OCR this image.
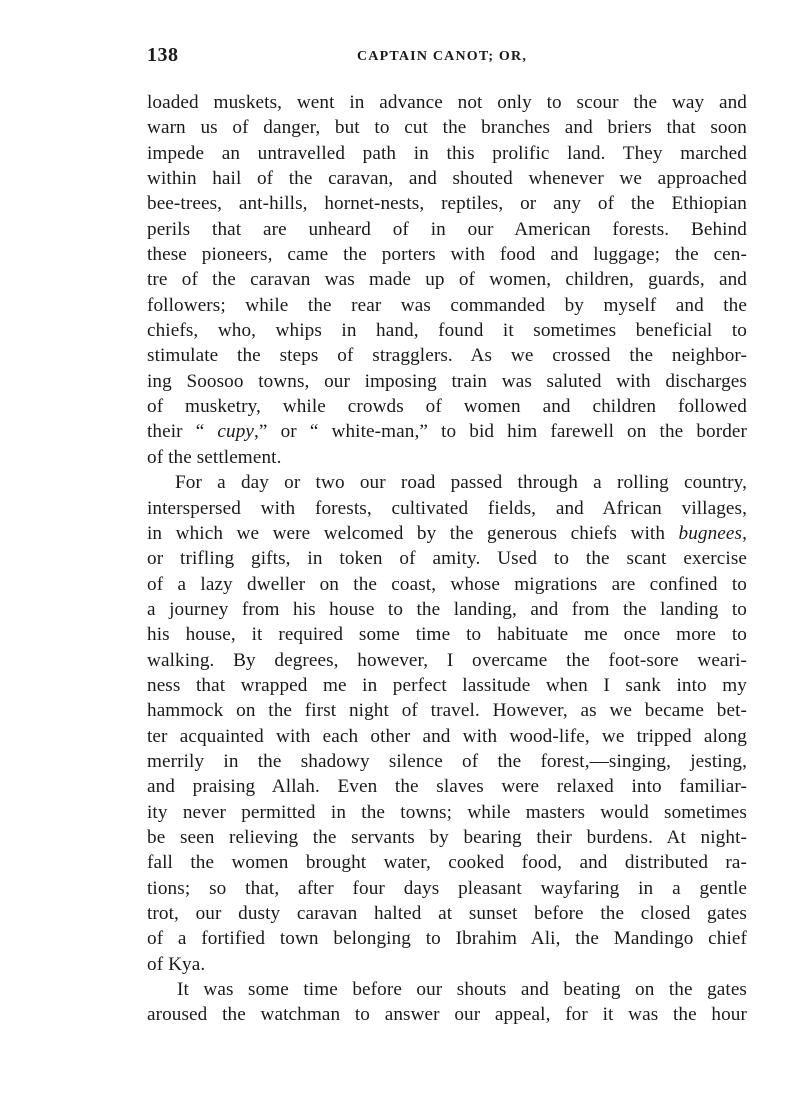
138	CAPTAIN CANOT; OR,
loaded muskets, went in advance not only to scour the way and
warn us of danger, but to cut the branches and briers that soon
impede an untravelled path in this prolific land. They marched
within hail of the caravan, and shouted whenever we approached
bee-trees, ant-hills, hornet-nests, reptiles, or any of the Ethiopian
perils that are unheard of in our American forests. Behind
these pioneers, came the porters with food and luggage; the cen-
tre of the caravan was made up of women, children, guards, and
followers; while the rear was commanded by myself and the
chiefs, who, whips in hand, found it sometimes beneficial to
stimulate the steps of stragglers. As we crossed the neighbor-
ing Soosoo towns, our imposing train was saluted with discharges
of musketry, while crowds of women and children followed
their “ cupy,” or “ white-man,” to bid him farewell on the border
of the settlement.
For a day or two our road passed through a rolling country,
interspersed with forests, cultivated fields, and African villages,
in which we were welcomed by the generous chiefs with bugnees,
or trifling gifts, in token of amity. Used to the scant exercise
of a lazy dweller on the coast, whose migrations are confined to
a journey from his house to the landing, and from the landing to
his house, it required some time to habituate me once more to
walking. By degrees, however, I overcame the foot-sore weari-
ness that wrapped me in perfect lassitude when I sank into my
hammock on the first night of travel. However, as we became bet-
ter acquainted with each other and with wood-life, we tripped along
merrily in the shadowy silence of the forest,—singing, jesting,
and praising Allah. Even the slaves were relaxed into familiar-
ity never permitted in the towns; while masters would sometimes
be seen relieving the servants by bearing their burdens. At night-
fall the women brought water, cooked food, and distributed ra-
tions; so that, after four days pleasant wayfaring in a gentle
trot, our dusty caravan halted at sunset before the closed gates
of a fortified town belonging to Ibrahim Ali, the Mandingo chief
of Kya.
It was some time before our shouts and beating on the gates
aroused the watchman to answer our appeal, for it was the hour
